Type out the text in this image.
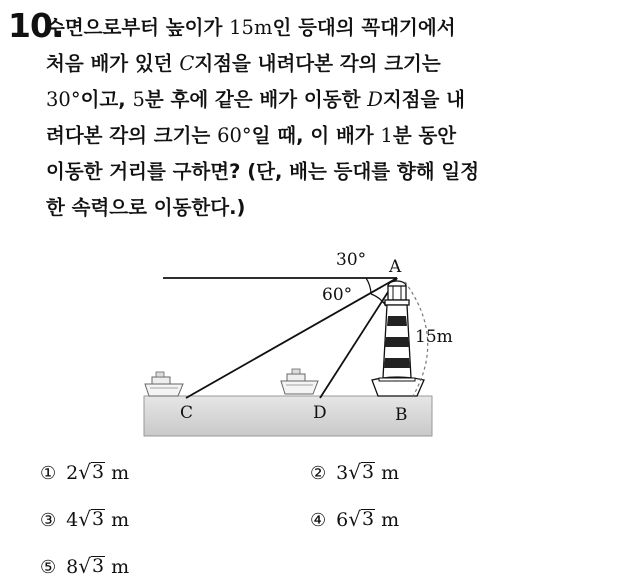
10.
수면으로부터 높이가 15m인 등대의 꼭대기에서
처음 배가 있던 C지점을 내려다본 각의 크기는
30°이고, 5분 후에 같은 배가 이동한 D지점을 내
려다본 각의 크기는 60°일 때, 이 배가 1분 동안
이동한 거리를 구하면? (단, 배는 등대를 향해 일정
한 속력으로 이동한다.)
30°
60°
A
B
C	D
15m
① 2 √ 3 m	② 3 √ 3 m
③ 4 √ 3 m	④ 6 √ 3 m
⑤ 8 √ 3 m
